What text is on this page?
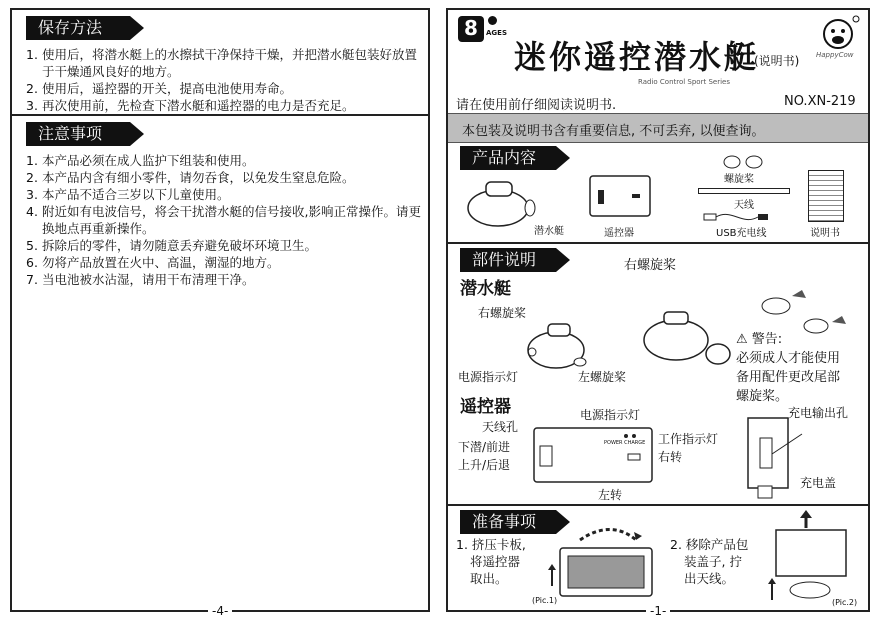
保存方法
1. 使用后，将潜水艇上的水擦拭干净保持干燥，并把潜水艇包装好放置于干燥通风良好的地方。
2. 使用后，遥控器的开关，提高电池使用寿命。
3. 再次使用前，先检查下潜水艇和遥控器的电力是否充足。
注意事项
1. 本产品必须在成人监护下组装和使用。
2. 本产品内含有细小零件，请勿吞食，以免发生窒息危险。
3. 本产品不适合三岁以下儿童使用。
4. 附近如有电波信号，将会干扰潜水艇的信号接收,影响正常操作。请更换地点再重新操作。
5. 拆除后的零件，请勿随意丢弃避免破坏环境卫生。
6. 勿将产品放置在火中、高温，潮湿的地方。
7. 当电池被水沾湿，请用干布清理干净。
-4-
8	AGES
迷你遥控潜水艇
(说明书)
Radio Control Sport Series
HappyCow
请在使用前仔细阅读说明书.	NO.XN-219
本包装及说明书含有重要信息, 不可丢弃, 以便查询。
产品内容
潜水艇	遥控器
螺旋桨
天线
USB充电线	说明书
部件说明	右螺旋桨
潜水艇
右螺旋桨
电源指示灯	左螺旋桨
⚠ 警告:
必须成人才能使用
备用配件更改尾部
螺旋桨。
遥控器
天线孔
电源指示灯
下潜/前进
上升/后退
POWER CHARGE 工作指示灯
右转
左转
充电输出孔
充电盖
准备事项
1. 挤压卡板,
将遥控器
取出。
(Pic.1)
2. 移除产品包
装盖子, 拧
出天线。
(Pic.2)
-1-
